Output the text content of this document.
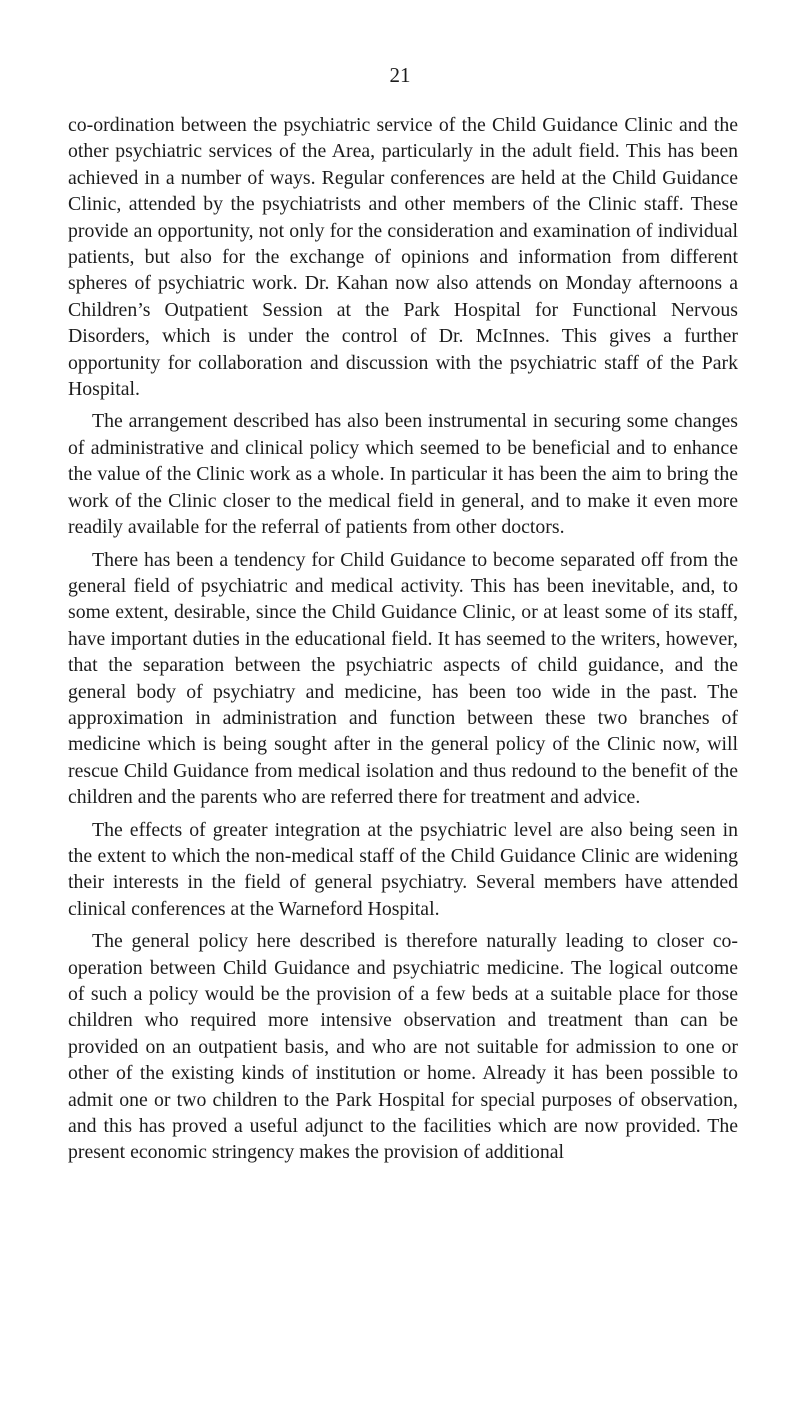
21

co-ordination between the psychiatric service of the Child Guidance Clinic and the other psychiatric services of the Area, particularly in the adult field. This has been achieved in a number of ways. Regular conferences are held at the Child Guidance Clinic, attended by the psychiatrists and other members of the Clinic staff. These provide an opportunity, not only for the consideration and examination of individual patients, but also for the exchange of opinions and information from different spheres of psychiatric work. Dr. Kahan now also attends on Monday afternoons a Children’s Outpatient Session at the Park Hospital for Functional Nervous Disorders, which is under the control of Dr. McInnes. This gives a further opportunity for collaboration and discussion with the psychiatric staff of the Park Hospital.

The arrangement described has also been instrumental in securing some changes of administrative and clinical policy which seemed to be beneficial and to enhance the value of the Clinic work as a whole. In particular it has been the aim to bring the work of the Clinic closer to the medical field in general, and to make it even more readily available for the referral of patients from other doctors.

There has been a tendency for Child Guidance to become separated off from the general field of psychiatric and medical activity. This has been inevitable, and, to some extent, desirable, since the Child Guidance Clinic, or at least some of its staff, have important duties in the educational field. It has seemed to the writers, however, that the separation between the psychiatric aspects of child guidance, and the general body of psychiatry and medicine, has been too wide in the past. The approximation in administration and function between these two branches of medicine which is being sought after in the general policy of the Clinic now, will rescue Child Guidance from medical isolation and thus redound to the benefit of the children and the parents who are referred there for treatment and advice.

The effects of greater integration at the psychiatric level are also being seen in the extent to which the non-medical staff of the Child Guidance Clinic are widening their interests in the field of general psychiatry. Several members have attended clinical conferences at the Warneford Hospital.

The general policy here described is therefore naturally leading to closer co-operation between Child Guidance and psychiatric medicine. The logical outcome of such a policy would be the provision of a few beds at a suitable place for those children who required more intensive observation and treatment than can be provided on an outpatient basis, and who are not suitable for admission to one or other of the existing kinds of institution or home. Already it has been possible to admit one or two children to the Park Hospital for special purposes of observation, and this has proved a useful adjunct to the facilities which are now provided. The present economic stringency makes the provision of additional
